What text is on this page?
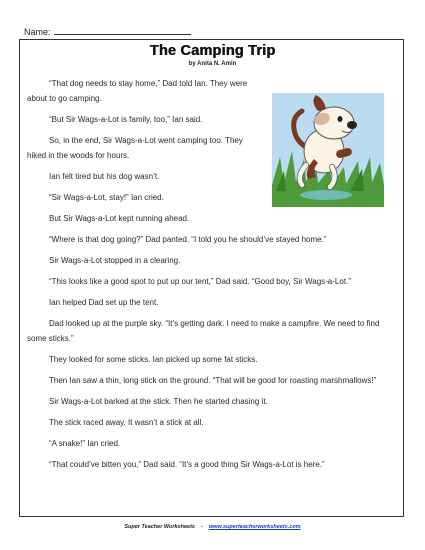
Name:
The Camping Trip
by Anita N. Amin

“That dog needs to stay home,” Dad told Ian. They were about to go camping.

“But Sir Wags-a-Lot is family, too,” Ian said.

So, in the end, Sir Wags-a-Lot went camping too. They hiked in the woods for hours.

Ian felt tired but his dog wasn’t.

“Sir Wags-a-Lot, stay!” Ian cried.

But Sir Wags-a-Lot kept running ahead.

“Where is that dog going?” Dad panted. “I told you he should’ve stayed home.”

Sir Wags-a-Lot stopped in a clearing.

“This looks like a good spot to put up our tent,” Dad said. “Good boy, Sir Wags-a-Lot.”

Ian helped Dad set up the tent.

Dad looked up at the purple sky. “It’s getting dark. I need to make a campfire. We need to find some sticks.”

They looked for some sticks. Ian picked up some fat sticks.

Then Ian saw a thin, long stick on the ground. “That will be good for roasting marshmallows!”

Sir Wags-a-Lot barked at the stick. Then he started chasing it.

The stick raced away. It wasn’t a stick at all.

“A snake!” Ian cried.

“That could’ve bitten you,” Dad said. “It’s a good thing Sir Wags-a-Lot is here.”

Super Teacher Worksheets - www.superteacherworksheets.com
